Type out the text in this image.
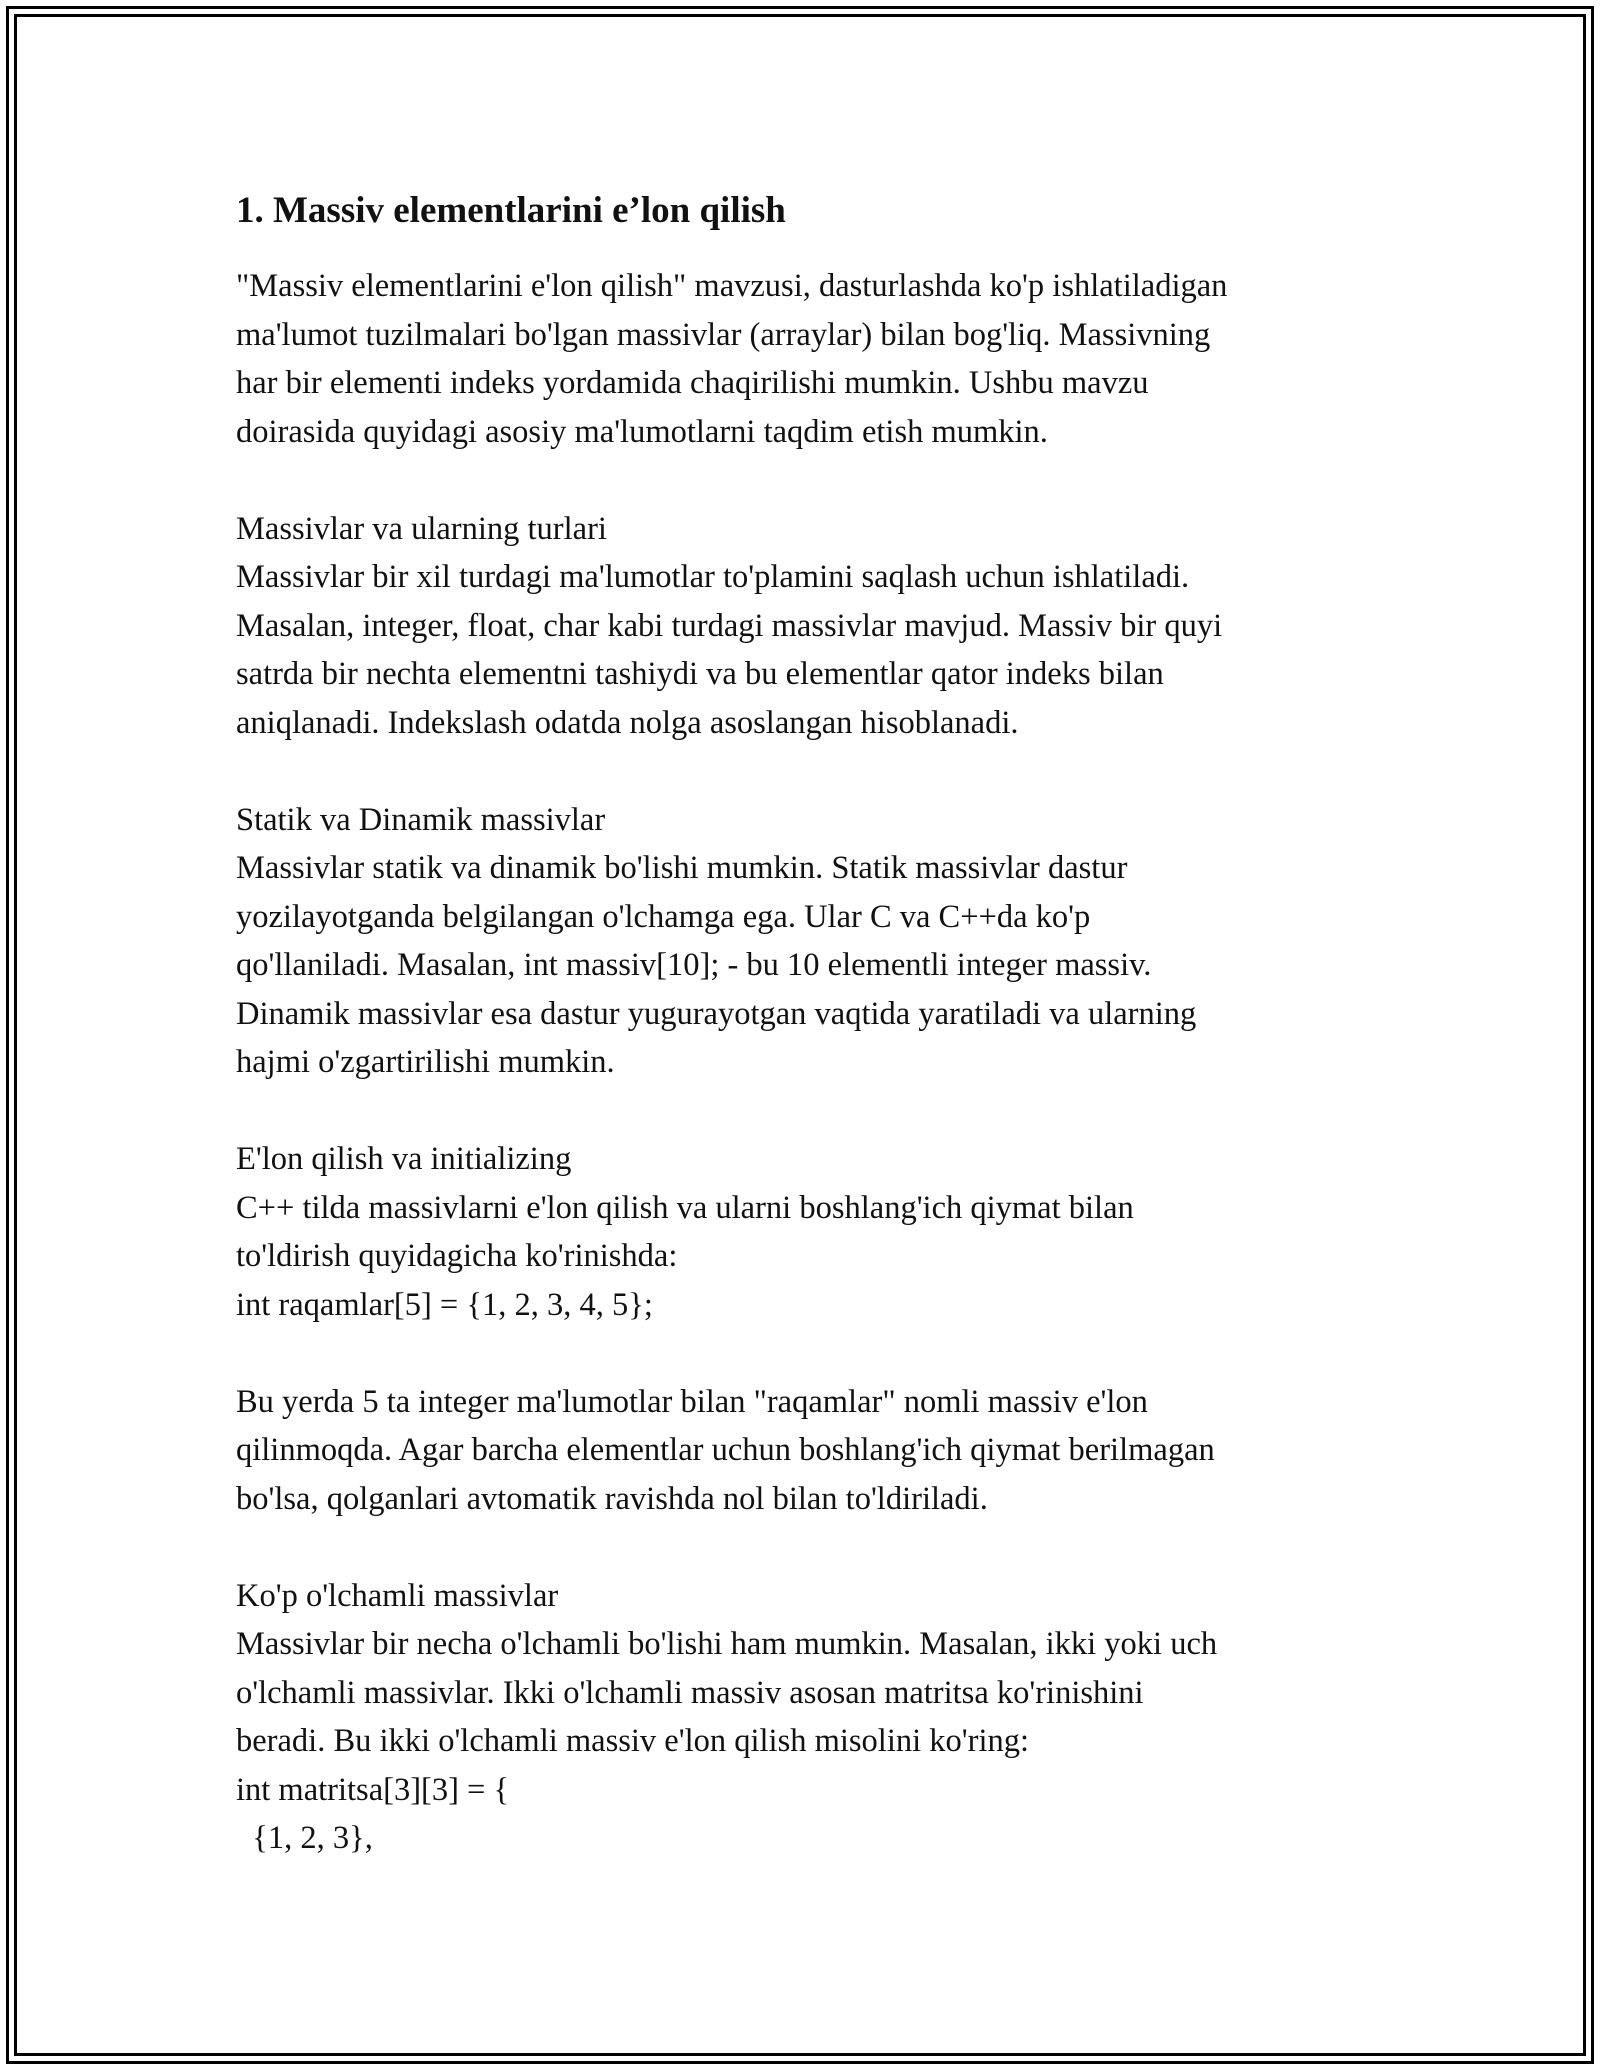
1. Massiv elementlarini e’lon qilish
"Massiv elementlarini e'lon qilish" mavzusi, dasturlashda ko'p ishlatiladigan
ma'lumot tuzilmalari bo'lgan massivlar (arraylar) bilan bog'liq. Massivning
har bir elementi indeks yordamida chaqirilishi mumkin. Ushbu mavzu
doirasida quyidagi asosiy ma'lumotlarni taqdim etish mumkin.
Massivlar va ularning turlari
Massivlar bir xil turdagi ma'lumotlar to'plamini saqlash uchun ishlatiladi.
Masalan, integer, float, char kabi turdagi massivlar mavjud. Massiv bir quyi
satrda bir nechta elementni tashiydi va bu elementlar qator indeks bilan
aniqlanadi. Indekslash odatda nolga asoslangan hisoblanadi.
Statik va Dinamik massivlar
Massivlar statik va dinamik bo'lishi mumkin. Statik massivlar dastur
yozilayotganda belgilangan o'lchamga ega. Ular C va C++da ko'p
qo'llaniladi. Masalan, int massiv[10]; - bu 10 elementli integer massiv.
Dinamik massivlar esa dastur yugurayotgan vaqtida yaratiladi va ularning
hajmi o'zgartirilishi mumkin.
E'lon qilish va initializing
C++ tilda massivlarni e'lon qilish va ularni boshlang'ich qiymat bilan
to'ldirish quyidagicha ko'rinishda:
int raqamlar[5] = {1, 2, 3, 4, 5};
Bu yerda 5 ta integer ma'lumotlar bilan "raqamlar" nomli massiv e'lon
qilinmoqda. Agar barcha elementlar uchun boshlang'ich qiymat berilmagan
bo'lsa, qolganlari avtomatik ravishda nol bilan to'ldiriladi.
Ko'p o'lchamli massivlar
Massivlar bir necha o'lchamli bo'lishi ham mumkin. Masalan, ikki yoki uch
o'lchamli massivlar. Ikki o'lchamli massiv asosan matritsa ko'rinishini
beradi. Bu ikki o'lchamli massiv e'lon qilish misolini ko'ring:
int matritsa[3][3] = {
{1, 2, 3},
